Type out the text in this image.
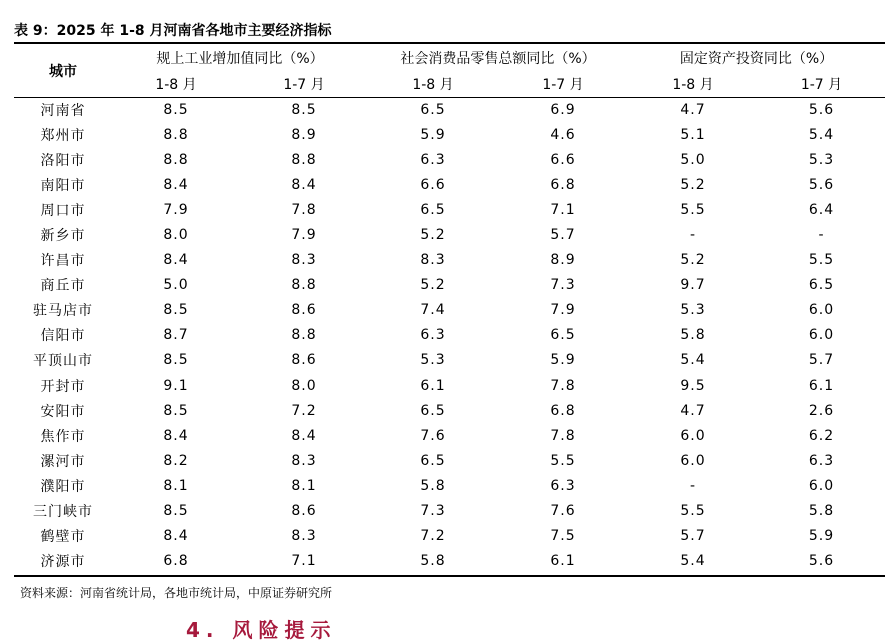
表 9：2025 年 1-8 月河南省各地市主要经济指标
城市	规上工业增加值同比（%）		社会消费品零售总额同比（%）		固定资产投资同比（%）	
	1-8 月	1-7 月	1-8 月	1-7 月	1-8 月	1-7 月
河南省	8.5	8.5	6.5	6.9	4.7	5.6
郑州市	8.8	8.9	5.9	4.6	5.1	5.4
洛阳市	8.8	8.8	6.3	6.6	5.0	5.3
南阳市	8.4	8.4	6.6	6.8	5.2	5.6
周口市	7.9	7.8	6.5	7.1	5.5	6.4
新乡市	8.0	7.9	5.2	5.7	-	-
许昌市	8.4	8.3	8.3	8.9	5.2	5.5
商丘市	5.0	8.8	5.2	7.3	9.7	6.5
驻马店市	8.5	8.6	7.4	7.9	5.3	6.0
信阳市	8.7	8.8	6.3	6.5	5.8	6.0
平顶山市	8.5	8.6	5.3	5.9	5.4	5.7
开封市	9.1	8.0	6.1	7.8	9.5	6.1
安阳市	8.5	7.2	6.5	6.8	4.7	2.6
焦作市	8.4	8.4	7.6	7.8	6.0	6.2
漯河市	8.2	8.3	6.5	5.5	6.0	6.3
濮阳市	8.1	8.1	5.8	6.3	-	6.0
三门峡市	8.5	8.6	7.3	7.6	5.5	5.8
鹤壁市	8.4	8.3	7.2	7.5	5.7	5.9
济源市	6.8	7.1	5.8	6.1	5.4	5.6
资料来源：河南省统计局，各地市统计局，中原证券研究所
4. 风险提示
